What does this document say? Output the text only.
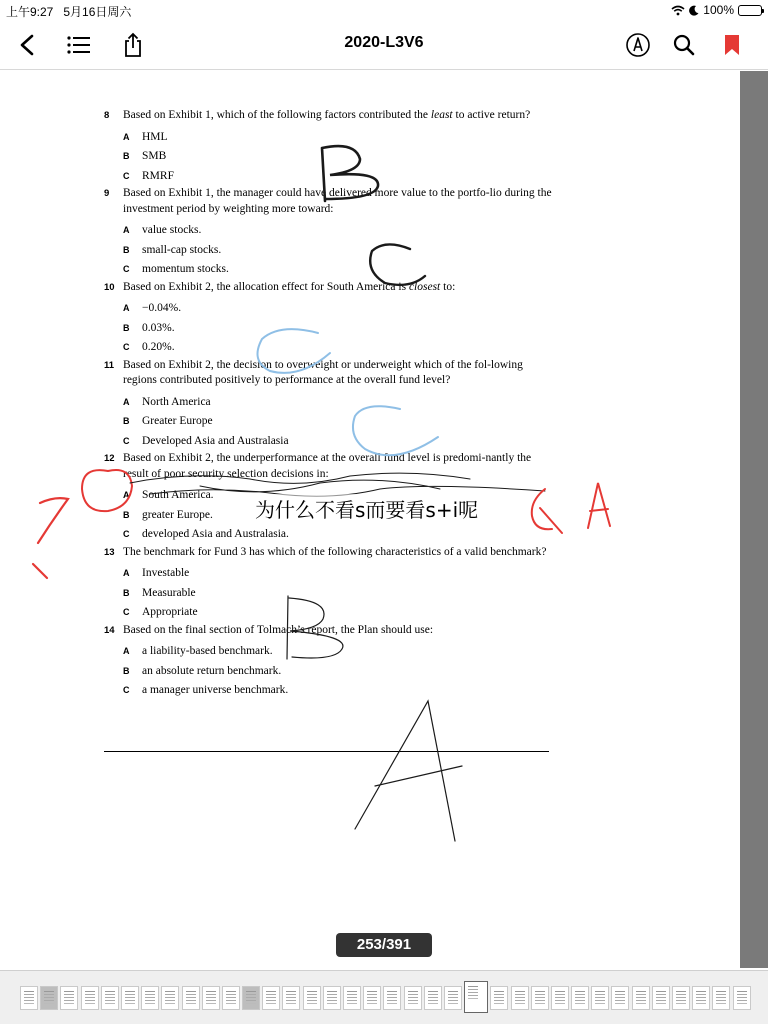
上午9:27 5月16日周六	100%
2020-L3V6
8 Based on Exhibit 1, which of the following factors contributed the least to active return?
A HML
B SMB
C RMRF
9 Based on Exhibit 1, the manager could have delivered more value to the portfo-lio during the investment period by weighting more toward:
A value stocks.
B small-cap stocks.
C momentum stocks.
10 Based on Exhibit 2, the allocation effect for South America is closest to:
A −0.04%.
B 0.03%.
C 0.20%.
11 Based on Exhibit 2, the decision to overweight or underweight which of the fol-lowing regions contributed positively to performance at the overall fund level?
A North America
B Greater Europe
C Developed Asia and Australasia
12 Based on Exhibit 2, the underperformance at the overall fund level is predomi-nantly the result of poor security selection decisions in:
A South America.
B greater Europe.
C developed Asia and Australasia.
13 The benchmark for Fund 3 has which of the following characteristics of a valid benchmark?
A Investable
B Measurable
C Appropriate
14 Based on the final section of Tolmach’s report, the Plan should use:
A a liability-based benchmark.
B an absolute return benchmark.
C a manager universe benchmark.
为什么不看s而要看s+i呢
253/391
